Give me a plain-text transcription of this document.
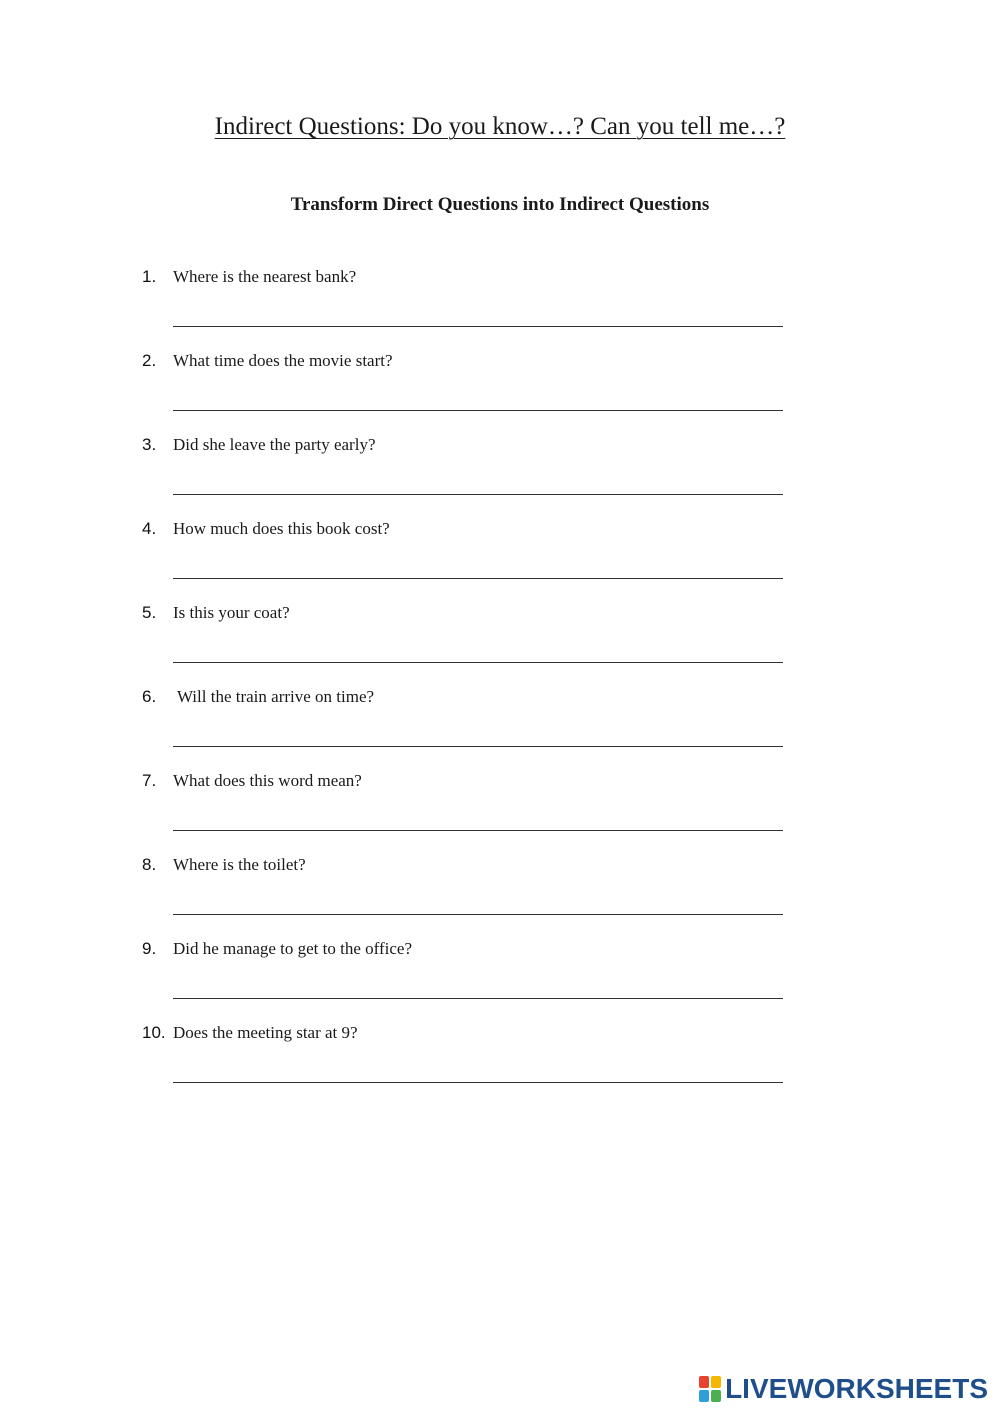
Indirect Questions: Do you know…? Can you tell me…?
Transform Direct Questions into Indirect Questions
1. Where is the nearest bank?
2. What time does the movie start?
3. Did she leave the party early?
4. How much does this book cost?
5. Is this your coat?
6. Will the train arrive on time?
7. What does this word mean?
8. Where is the toilet?
9. Did he manage to get to the office?
10. Does the meeting star at 9?
LIVEWORKSHEETS
